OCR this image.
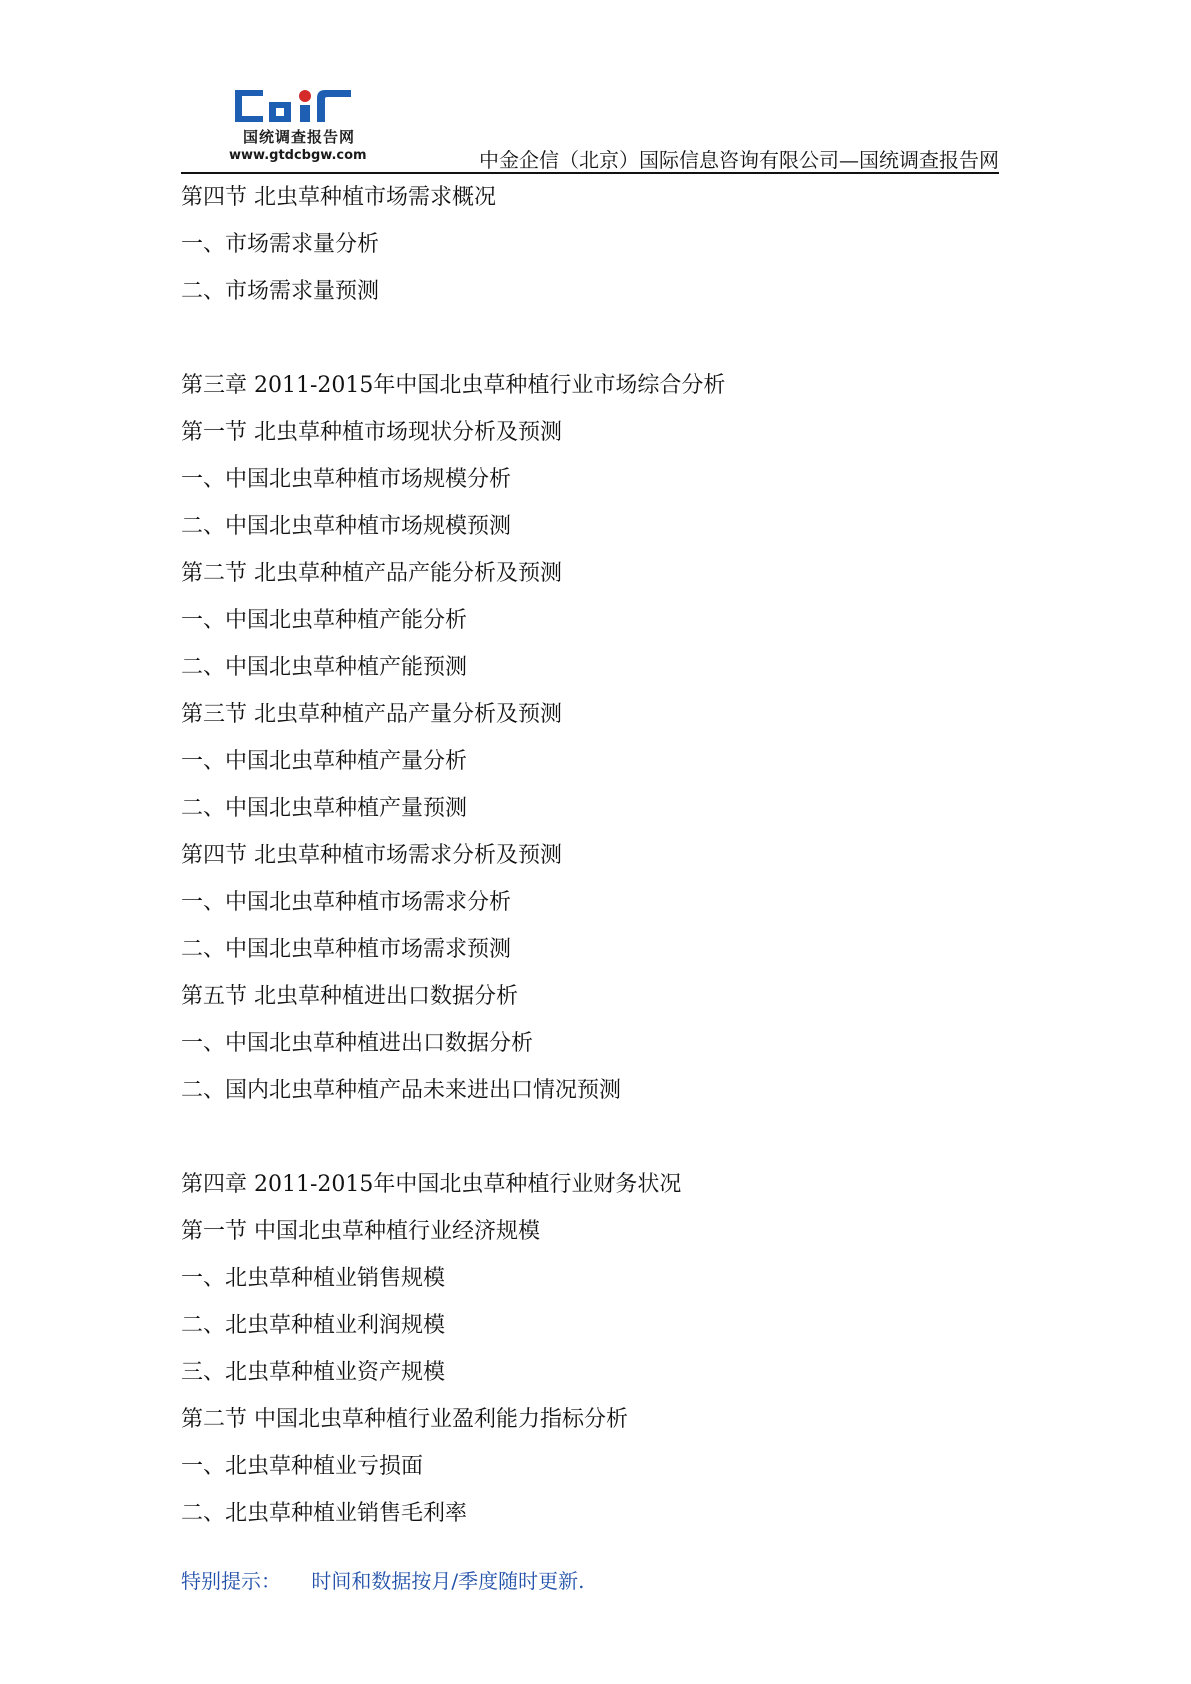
国统调查报告网
www.gtdcbgw.com	中金企信（北京）国际信息咨询有限公司—国统调查报告网
第四节 北虫草种植市场需求概况
一、市场需求量分析
二、市场需求量预测
第三章 2011-2015年中国北虫草种植行业市场综合分析
第一节 北虫草种植市场现状分析及预测
一、中国北虫草种植市场规模分析
二、中国北虫草种植市场规模预测
第二节 北虫草种植产品产能分析及预测
一、中国北虫草种植产能分析
二、中国北虫草种植产能预测
第三节 北虫草种植产品产量分析及预测
一、中国北虫草种植产量分析
二、中国北虫草种植产量预测
第四节 北虫草种植市场需求分析及预测
一、中国北虫草种植市场需求分析
二、中国北虫草种植市场需求预测
第五节 北虫草种植进出口数据分析
一、中国北虫草种植进出口数据分析
二、国内北虫草种植产品未来进出口情况预测
第四章 2011-2015年中国北虫草种植行业财务状况
第一节 中国北虫草种植行业经济规模
一、北虫草种植业销售规模
二、北虫草种植业利润规模
三、北虫草种植业资产规模
第二节 中国北虫草种植行业盈利能力指标分析
一、北虫草种植业亏损面
二、北虫草种植业销售毛利率
特别提示： 时间和数据按月/季度随时更新.
